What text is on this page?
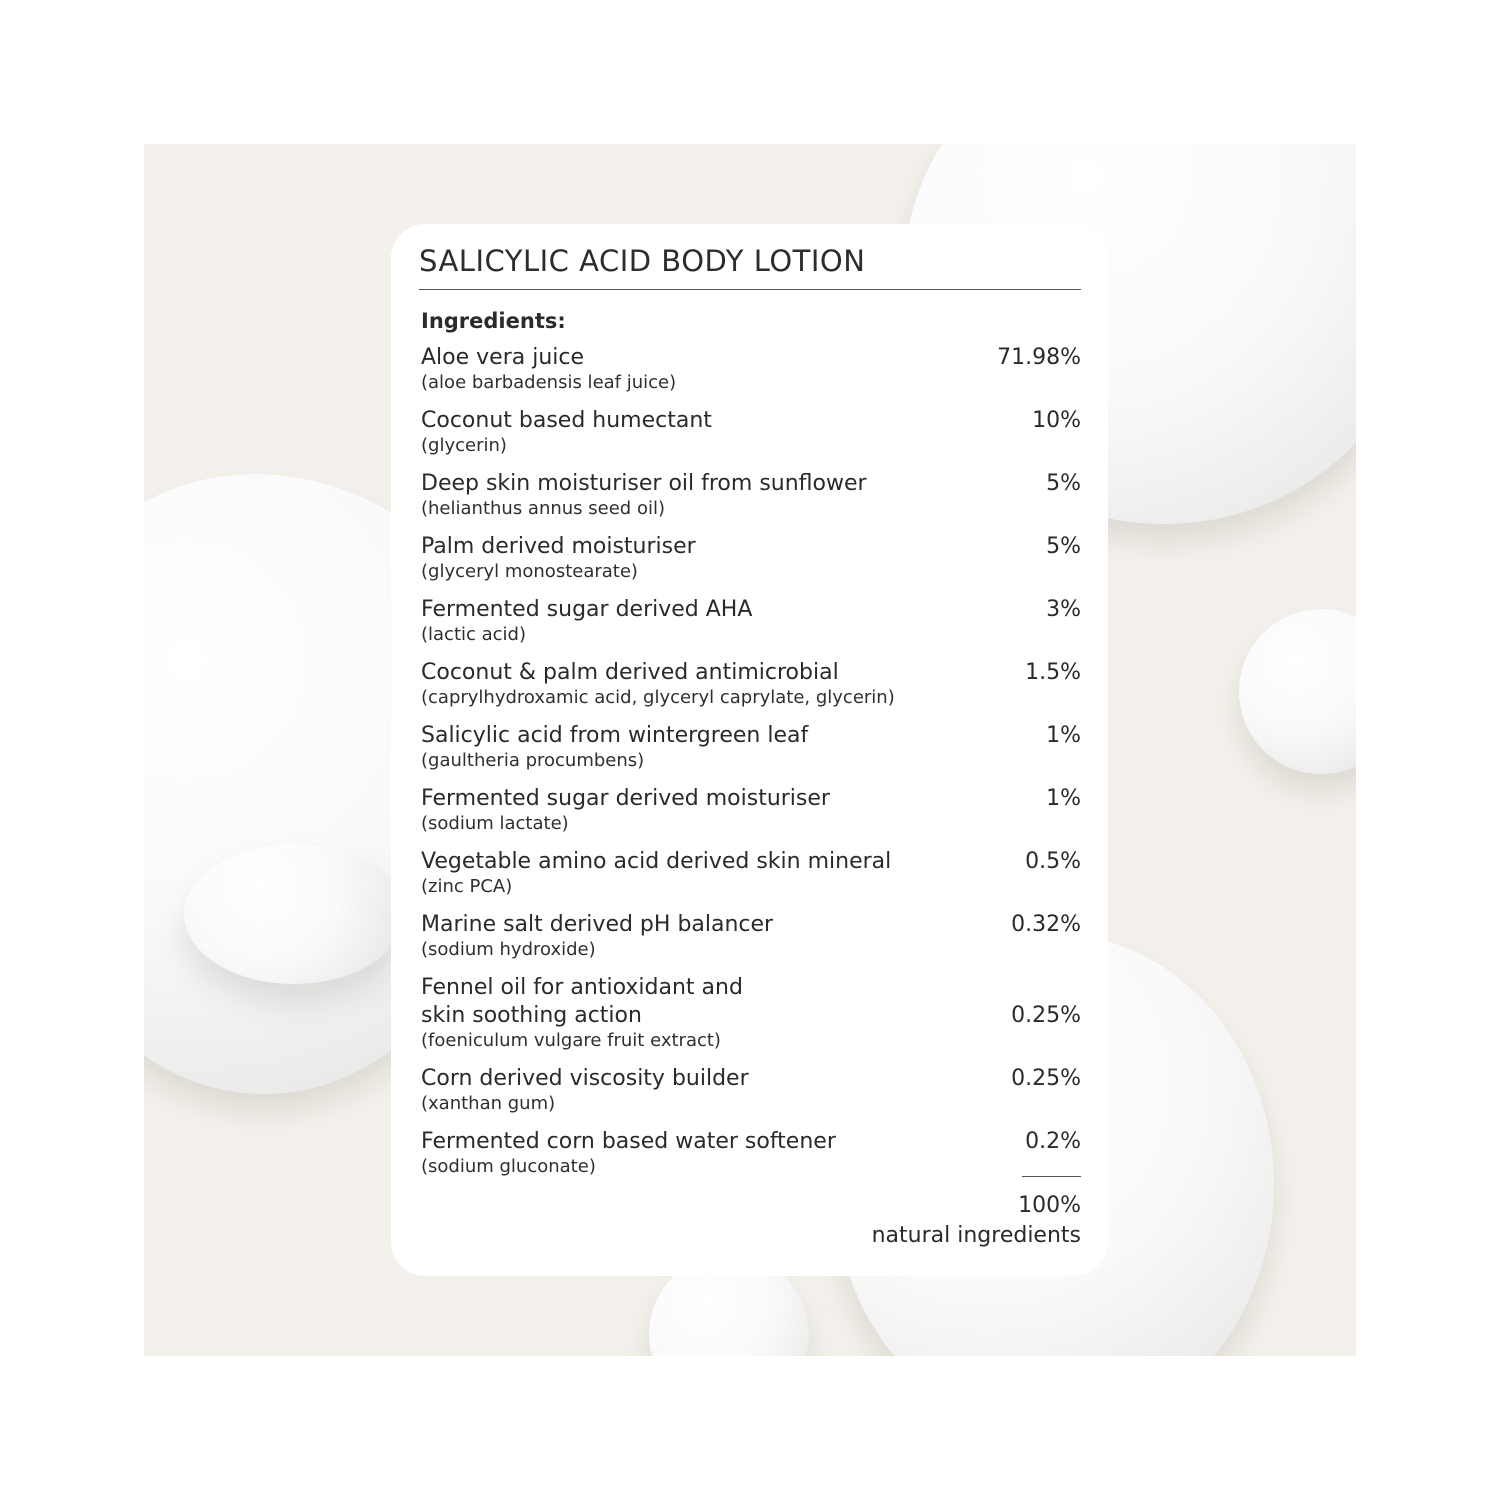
SALICYLIC ACID BODY LOTION
Ingredients:
Aloe vera juice
(aloe barbadensis leaf juice)
71.98%
Coconut based humectant
(glycerin)
10%
Deep skin moisturiser oil from sunflower
(helianthus annus seed oil)
5%
Palm derived moisturiser
(glyceryl monostearate)
5%
Fermented sugar derived AHA
(lactic acid)
3%
Coconut & palm derived antimicrobial
(caprylhydroxamic acid, glyceryl caprylate, glycerin)
1.5%
Salicylic acid from wintergreen leaf
(gaultheria procumbens)
1%
Fermented sugar derived moisturiser
(sodium lactate)
1%
Vegetable amino acid derived skin mineral
(zinc PCA)
0.5%
Marine salt derived pH balancer
(sodium hydroxide)
0.32%
Fennel oil for antioxidant and
skin soothing action
(foeniculum vulgare fruit extract)
0.25%
Corn derived viscosity builder
(xanthan gum)
0.25%
Fermented corn based water softener
(sodium gluconate)
0.2%
100%
natural ingredients
